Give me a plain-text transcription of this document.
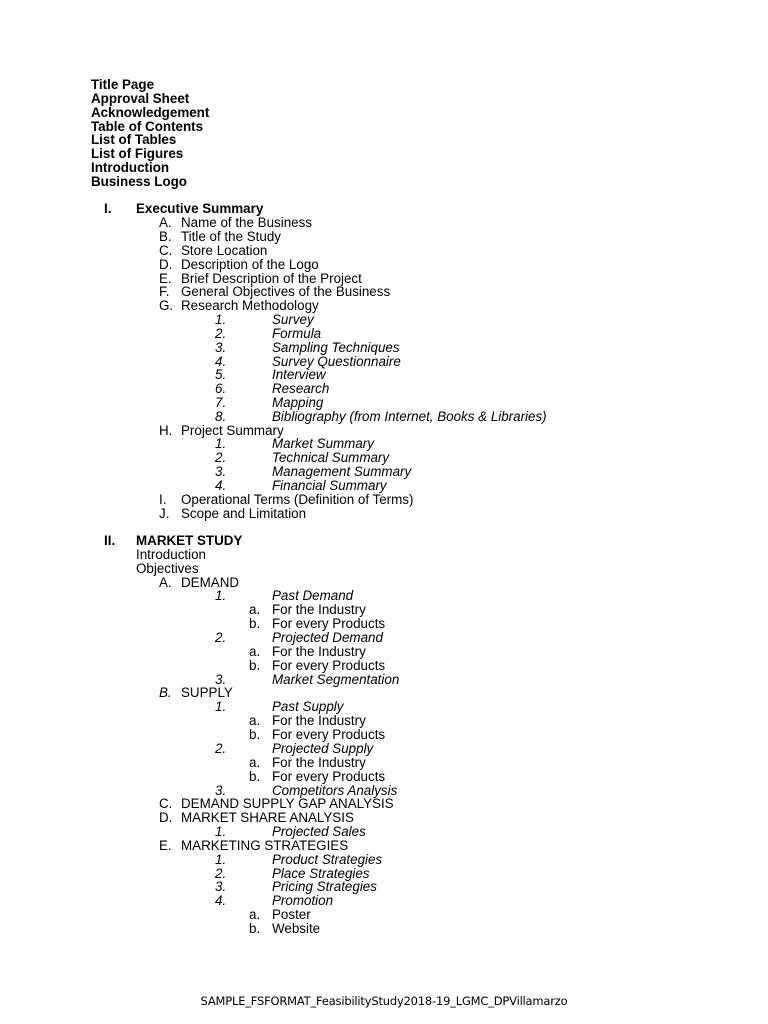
Title Page
Approval Sheet
Acknowledgement
Table of Contents
List of Tables
List of Figures
Introduction
Business Logo
I. Executive Summary
A. Name of the Business
B. Title of the Study
C. Store Location
D. Description of the Logo
E. Brief Description of the Project
F. General Objectives of the Business
G. Research Methodology
1.	Survey
2.	Formula
3.	Sampling Techniques
4.	Survey Questionnaire
5.	Interview
6.	Research
7.	Mapping
8.	Bibliography (from Internet, Books & Libraries)
H. Project Summary
1.	Market Summary
2.	Technical Summary
3.	Management Summary
4.	Financial Summary
I. Operational Terms (Definition of Terms)
J. Scope and Limitation
II. MARKET STUDY
Introduction
Objectives
A. DEMAND
1.	Past Demand
a. For the Industry
b. For every Products
2.	Projected Demand
a. For the Industry
b. For every Products
3.	Market Segmentation
B. SUPPLY
1.	Past Supply
a. For the Industry
b. For every Products
2.	Projected Supply
a. For the Industry
b. For every Products
3.	Competitors Analysis
C. DEMAND SUPPLY GAP ANALYSIS
D. MARKET SHARE ANALYSIS
1.	Projected Sales
E. MARKETING STRATEGIES
1.	Product Strategies
2.	Place Strategies
3.	Pricing Strategies
4.	Promotion
a. Poster
b. Website
SAMPLE_FSFORMAT_FeasibilityStudy2018-19_LGMC_DPVillamarzo
